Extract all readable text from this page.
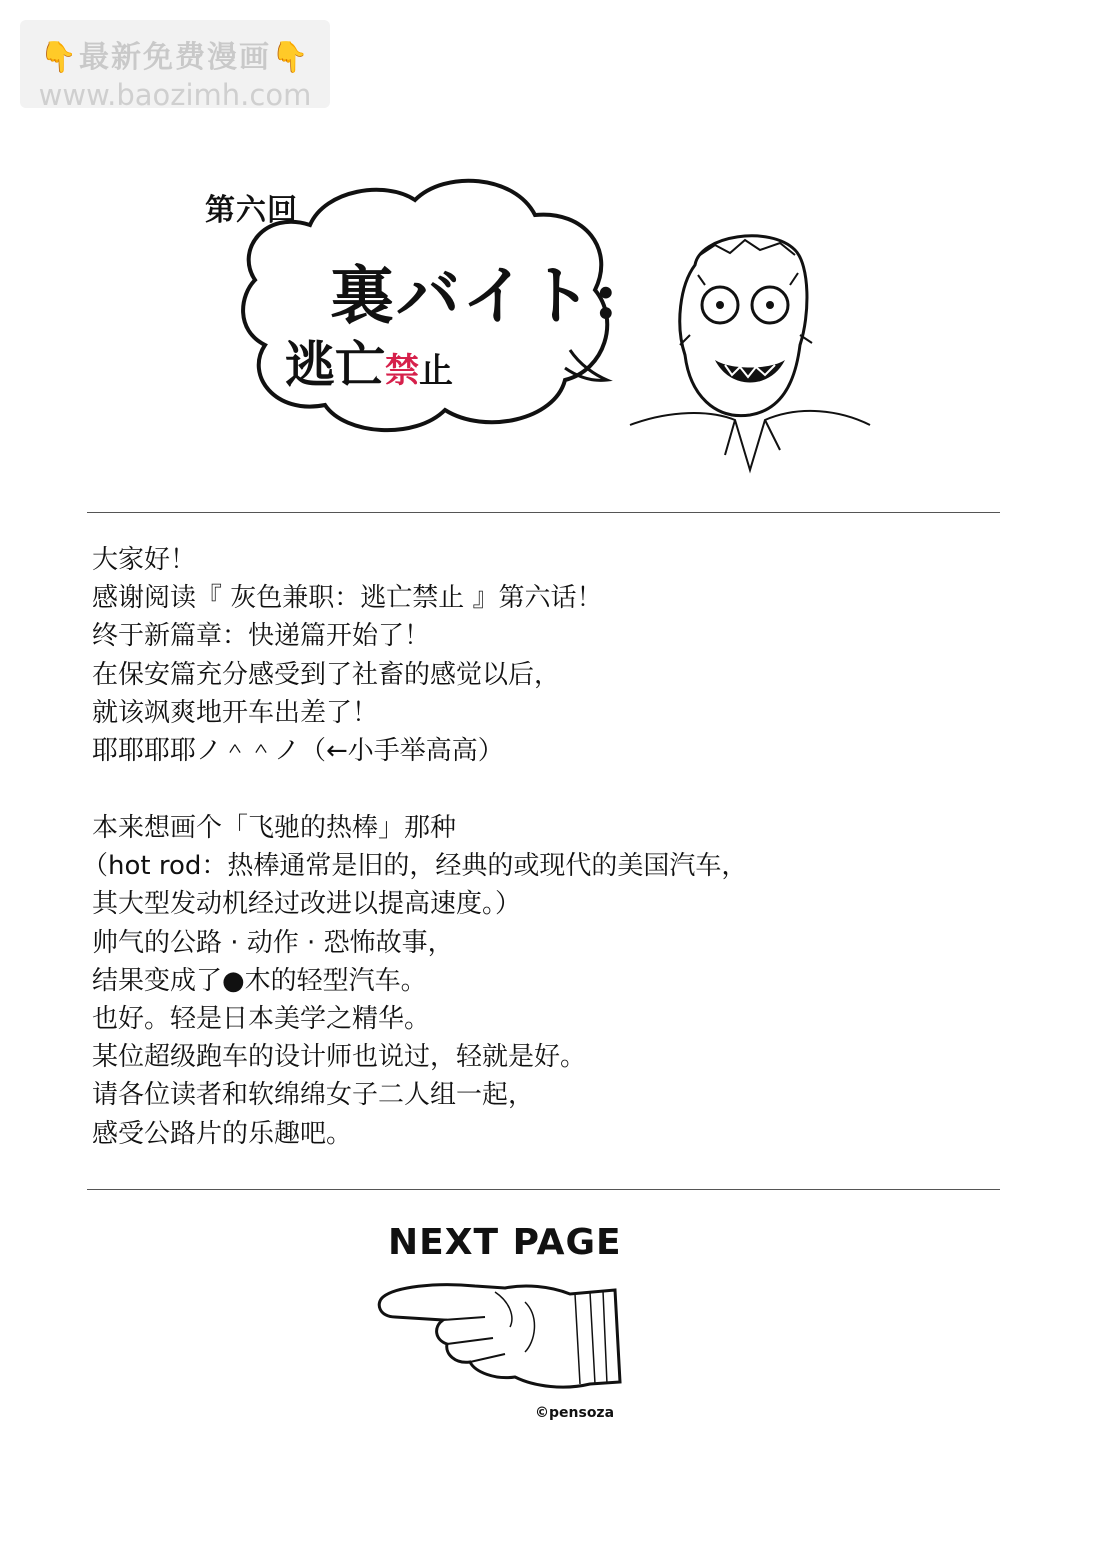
👇最新免费漫画👇
www.baozimh.com
第六回
裏バイト:
逃亡禁止
大家好！
感谢阅读『 灰色兼职：逃亡禁止 』第六话！
终于新篇章：快递篇开始了！
在保安篇充分感受到了社畜的感觉以后，
就该飒爽地开车出差了！
耶耶耶耶ノ＾＾ノ（←小手举高高）
本来想画个「飞驰的热棒」那种
（hot rod：热棒通常是旧的，经典的或现代的美国汽车，
其大型发动机经过改进以提高速度。）
帅气的公路 · 动作 · 恐怖故事，
结果变成了●木的轻型汽车。
也好。轻是日本美学之精华。
某位超级跑车的设计师也说过，轻就是好。
请各位读者和软绵绵女子二人组一起，
感受公路片的乐趣吧。
NEXT PAGE
©pensoza
